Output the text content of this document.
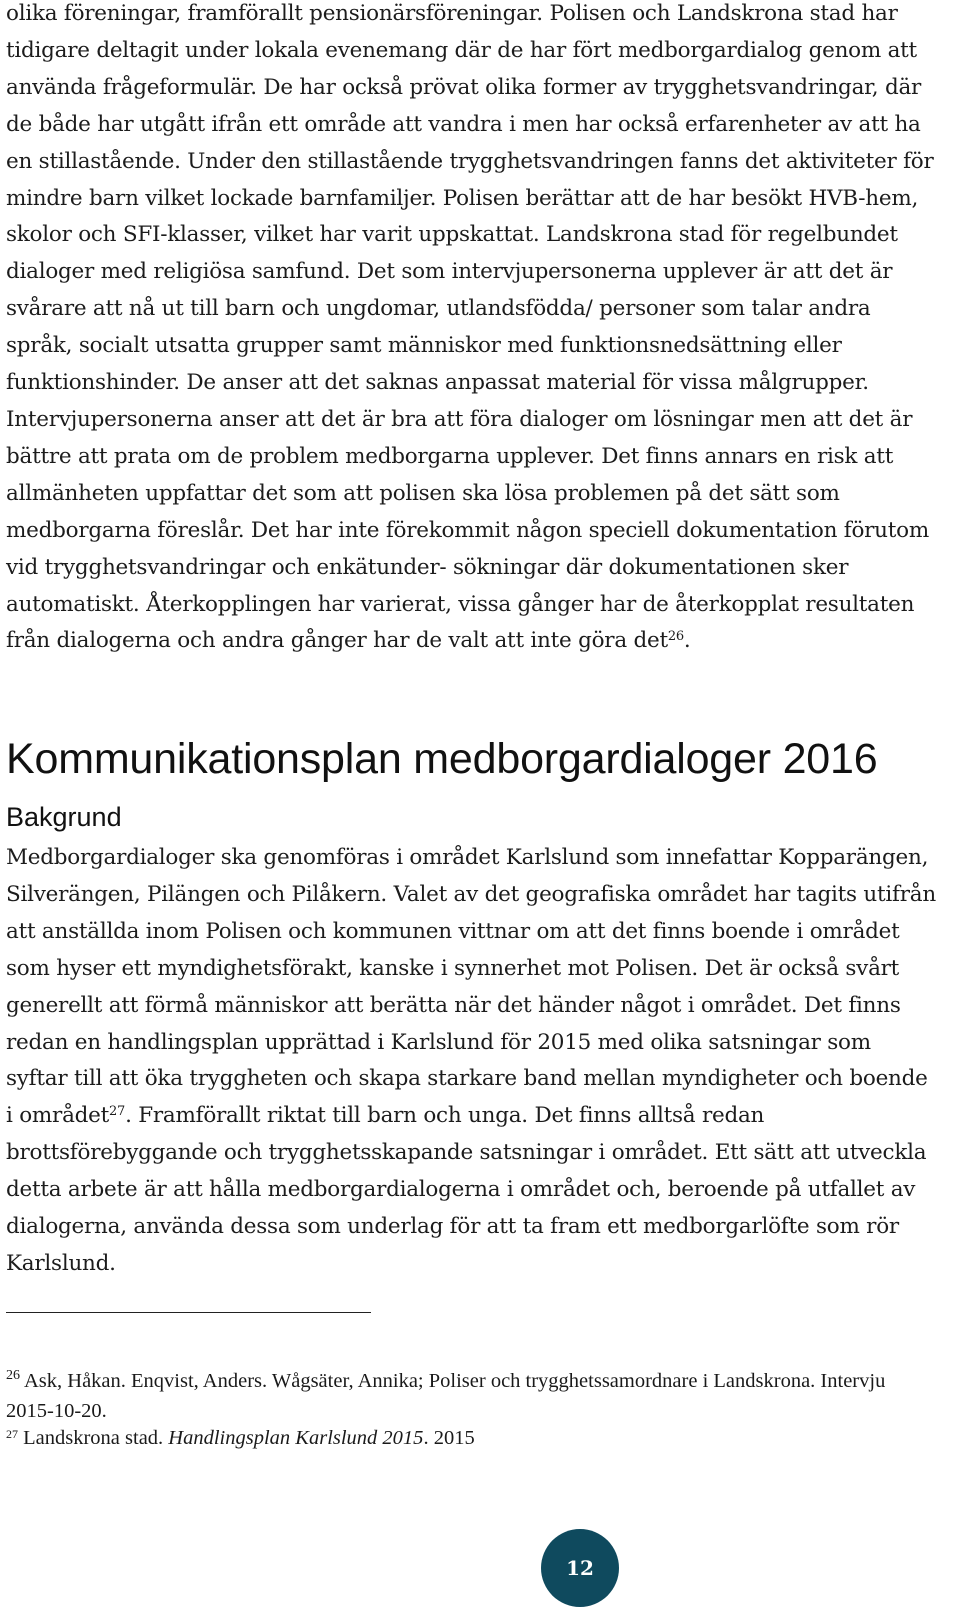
olika föreningar, framförallt pensionärsföreningar. Polisen och Landskrona stad har tidigare deltagit under lokala evenemang där de har fört medborgardialog genom att använda frågeformulär. De har också prövat olika former av trygghetsvandringar, där de både har utgått ifrån ett område att vandra i men har också erfarenheter av att ha en stillastående. Under den stillastående trygghetsvandringen fanns det aktiviteter för mindre barn vilket lockade barnfamiljer. Polisen berättar att de har besökt HVB-hem, skolor och SFI-klasser, vilket har varit uppskattat. Landskrona stad för regelbundet dialoger med religiösa samfund. Det som intervjupersonerna upplever är att det är svårare att nå ut till barn och ungdomar, utlandsfödda/ personer som talar andra språk, socialt utsatta grupper samt människor med funktionsnedsättning eller funktionshinder. De anser att det saknas anpassat material för vissa målgrupper. Intervjupersonerna anser att det är bra att föra dialoger om lösningar men att det är bättre att prata om de problem medborgarna upplever. Det finns annars en risk att allmänheten uppfattar det som att polisen ska lösa problemen på det sätt som medborgarna föreslår. Det har inte förekommit någon speciell dokumentation förutom vid trygghetsvandringar och enkätunder- sökningar där dokumentationen sker automatiskt. Återkopplingen har varierat, vissa gånger har de återkopplat resultaten från dialogerna och andra gånger har de valt att inte göra $\det^{26}$.

Kommunikationsplan medborgardialoger 2016
Bakgrund

Medborgardialoger ska genomföras i området Karlslund som innefattar Kopparängen, Silverängen, Pilängen och Pilåkern. Valet av det geografiska området har tagits utifrån att anställda inom Polisen och kommunen vittnar om att det finns boende i området som hyser ett myndighetsförakt, kanske i synnerhet mot Polisen. Det är också svårt generellt att förmå människor att berätta när det händer något i området. Det finns redan en handlingsplan upprättad i Karlslund för 2015 med olika satsningar som syftar till att öka tryggheten och skapa starkare band mellan myndigheter och boende i området$^{27}$. Framförallt riktat till barn och unga. Det finns alltså redan brottsförebyggande och trygghetsskapande satsningar i området. Ett sätt att utveckla detta arbete är att hålla medborgardialogerna i området och, beroende på utfallet av dialogerna, använda dessa som underlag för att ta fram ett medborgarlöfte som rör Karlslund.

$^{26}$ Ask, Håkan. Enqvist, Anders. Wågsäter, Annika; Poliser och trygghetssamordnare i Landskrona. Intervju 2015-10-20.

$^{27}$ Landskrona stad. Handlingsplan Karlslund 2015. 2015

12
